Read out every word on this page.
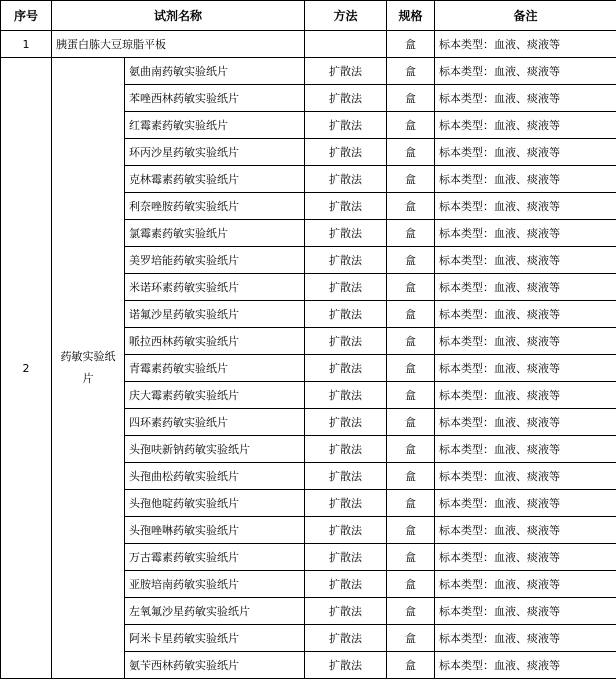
序号	试剂名称		方法	规格	备注
1	胰蛋白胨大豆琼脂平板			盒	标本类型：血液、痰液等
2	药敏实验纸片	氨曲南药敏实验纸片	扩散法	盒	标本类型：血液、痰液等
		苯唑西林药敏实验纸片	扩散法	盒	标本类型：血液、痰液等
		红霉素药敏实验纸片	扩散法	盒	标本类型：血液、痰液等
		环丙沙星药敏实验纸片	扩散法	盒	标本类型：血液、痰液等
		克林霉素药敏实验纸片	扩散法	盒	标本类型：血液、痰液等
		利奈唑胺药敏实验纸片	扩散法	盒	标本类型：血液、痰液等
		氯霉素药敏实验纸片	扩散法	盒	标本类型：血液、痰液等
		美罗培能药敏实验纸片	扩散法	盒	标本类型：血液、痰液等
		米诺环素药敏实验纸片	扩散法	盒	标本类型：血液、痰液等
		诺氟沙星药敏实验纸片	扩散法	盒	标本类型：血液、痰液等
		哌拉西林药敏实验纸片	扩散法	盒	标本类型：血液、痰液等
		青霉素药敏实验纸片	扩散法	盒	标本类型：血液、痰液等
		庆大霉素药敏实验纸片	扩散法	盒	标本类型：血液、痰液等
		四环素药敏实验纸片	扩散法	盒	标本类型：血液、痰液等
		头孢呋新钠药敏实验纸片	扩散法	盒	标本类型：血液、痰液等
		头孢曲松药敏实验纸片	扩散法	盒	标本类型：血液、痰液等
		头孢他啶药敏实验纸片	扩散法	盒	标本类型：血液、痰液等
		头孢唑啉药敏实验纸片	扩散法	盒	标本类型：血液、痰液等
		万古霉素药敏实验纸片	扩散法	盒	标本类型：血液、痰液等
		亚胺培南药敏实验纸片	扩散法	盒	标本类型：血液、痰液等
		左氧氟沙星药敏实验纸片	扩散法	盒	标本类型：血液、痰液等
		阿米卡星药敏实验纸片	扩散法	盒	标本类型：血液、痰液等
		氨苄西林药敏实验纸片	扩散法	盒	标本类型：血液、痰液等
